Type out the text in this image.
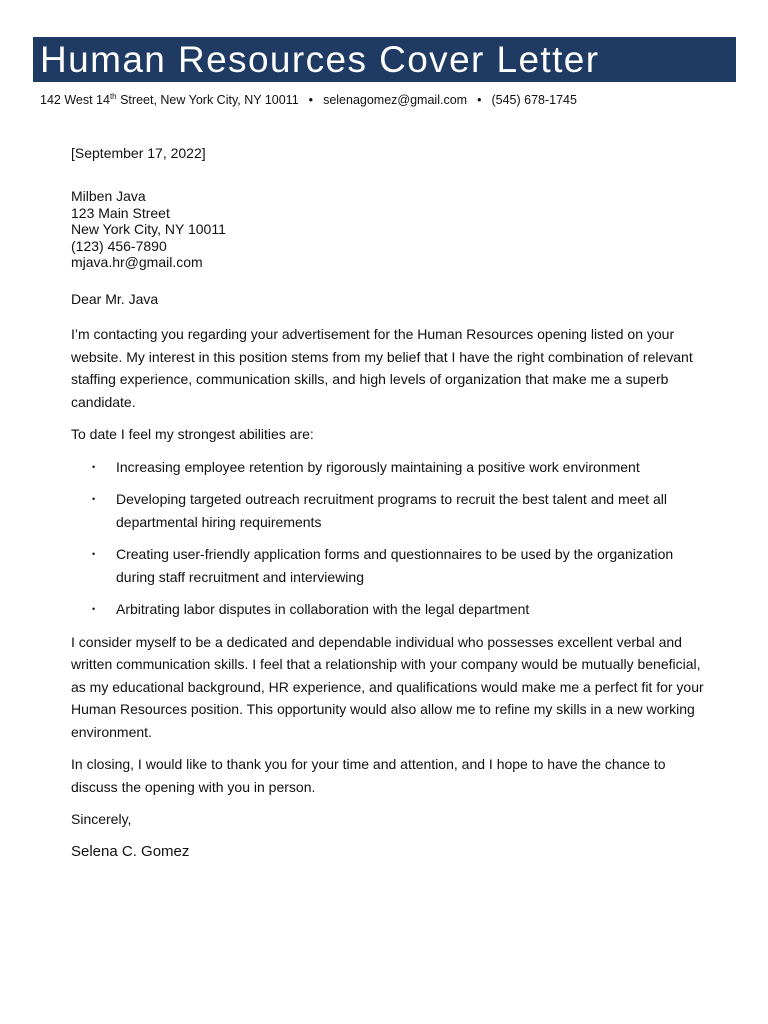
Human Resources Cover Letter
142 West 14th Street, New York City, NY 10011 • selenagomez@gmail.com • (545) 678-1745
[September 17, 2022]
Milben Java
123 Main Street
New York City, NY 10011
(123) 456-7890
mjava.hr@gmail.com
Dear Mr. Java

I’m contacting you regarding your advertisement for the Human Resources opening listed on your website. My interest in this position stems from my belief that I have the right combination of relevant staffing experience, communication skills, and high levels of organization that make me a superb candidate.

To date I feel my strongest abilities are:

• Increasing employee retention by rigorously maintaining a positive work environment
• Developing targeted outreach recruitment programs to recruit the best talent and meet all departmental hiring requirements
• Creating user-friendly application forms and questionnaires to be used by the organization during staff recruitment and interviewing
• Arbitrating labor disputes in collaboration with the legal department

I consider myself to be a dedicated and dependable individual who possesses excellent verbal and written communication skills. I feel that a relationship with your company would be mutually beneficial, as my educational background, HR experience, and qualifications would make me a perfect fit for your Human Resources position. This opportunity would also allow me to refine my skills in a new working environment.

In closing, I would like to thank you for your time and attention, and I hope to have the chance to discuss the opening with you in person.

Sincerely,

Selena C. Gomez
